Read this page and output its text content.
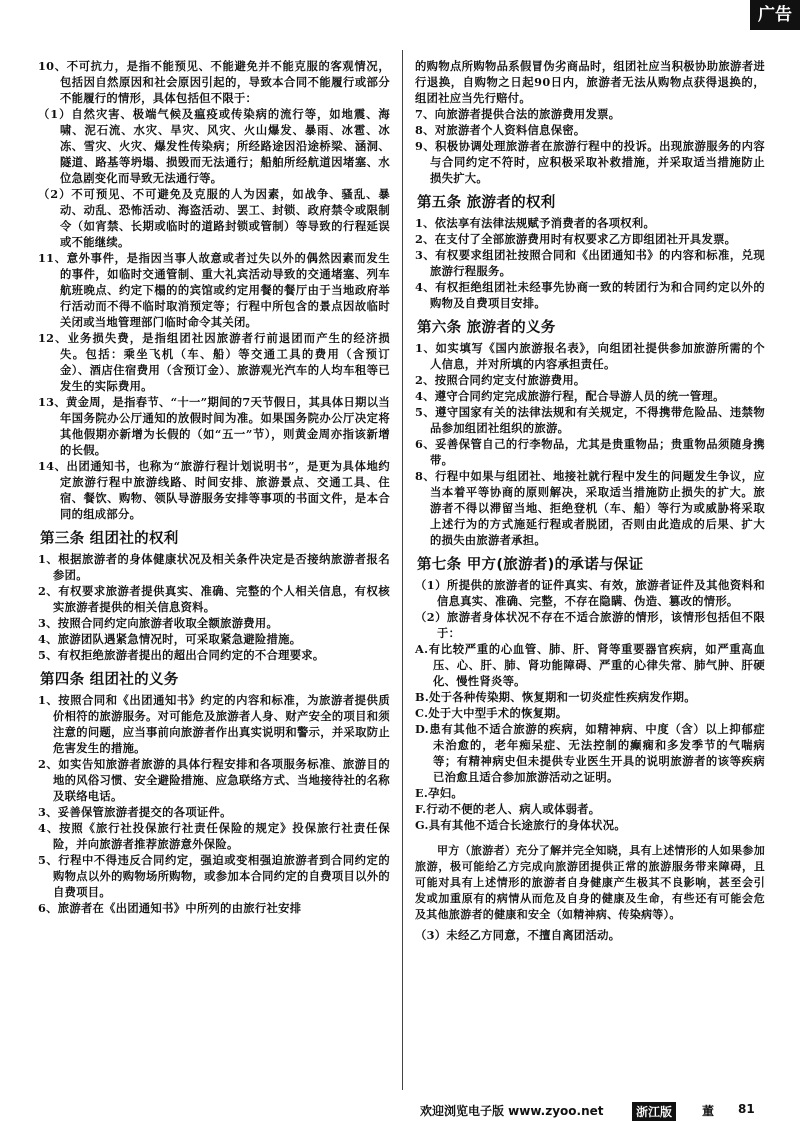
广告

10、不可抗力，是指不能预见、不能避免并不能克服的客观情况，包括因自然原因和社会原因引起的，导致本合同不能履行或部分不能履行的情形，具体包括但不限于：

（1）自然灾害、极端气候及瘟疫或传染病的流行等，如地震、海啸、泥石流、水灾、旱灾、风灾、火山爆发、暴雨、冰雹、冰冻、雪灾、火灾、爆发性传染病；所经路途因沿途桥梁、涵洞、隧道、路基等坍塌、损毁而无法通行；船舶所经航道因堵塞、水位急剧变化而导致无法通行等。

（2）不可预见、不可避免及克服的人为因素，如战争、骚乱、暴动、动乱、恐怖活动、海盗活动、罢工、封锁、政府禁令或限制令（如宵禁、长期或临时的道路封锁或管制）等导致的行程延误或不能继续。

11、意外事件，是指因当事人故意或者过失以外的偶然因素而发生的事件，如临时交通管制、重大礼宾活动导致的交通堵塞、列车航班晚点、约定下榻的的宾馆或约定用餐的餐厅由于当地政府举行活动而不得不临时取消预定等；行程中所包含的景点因故临时关闭或当地管理部门临时命令其关闭。

12、业务损失费，是指组团社因旅游者行前退团而产生的经济损失。包括：乘坐飞机（车、船）等交通工具的费用（含预订金）、酒店住宿费用（含预订金）、旅游观光汽车的人均车租等已发生的实际费用。

13、黄金周，是指春节、“十一”期间的7天节假日，其具体日期以当年国务院办公厅通知的放假时间为准。如果国务院办公厅决定将其他假期亦新增为长假的（如“五一”节），则黄金周亦指该新增的长假。

14、出团通知书，也称为“旅游行程计划说明书”，是更为具体地约定旅游行程中旅游线路、时间安排、旅游景点、交通工具、住宿、餐饮、购物、领队导游服务安排等事项的书面文件，是本合同的组成部分。

第三条 组团社的权利

1、根据旅游者的身体健康状况及相关条件决定是否接纳旅游者报名参团。

2、有权要求旅游者提供真实、准确、完整的个人相关信息，有权核实旅游者提供的相关信息资料。

3、按照合同约定向旅游者收取全额旅游费用。

4、旅游团队遇紧急情况时，可采取紧急避险措施。

5、有权拒绝旅游者提出的超出合同约定的不合理要求。

第四条 组团社的义务

1、按照合同和《出团通知书》约定的内容和标准，为旅游者提供质价相符的旅游服务。对可能危及旅游者人身、财产安全的项目和须注意的问题，应当事前向旅游者作出真实说明和警示，并采取防止危害发生的措施。

2、如实告知旅游者旅游的具体行程安排和各项服务标准、旅游目的地的风俗习惯、安全避险措施、应急联络方式、当地接待社的名称及联络电话。

3、妥善保管旅游者提交的各项证件。

4、按照《旅行社投保旅行社责任保险的规定》投保旅行社责任保险，并向旅游者推荐旅游意外保险。

5、行程中不得违反合同约定，强迫或变相强迫旅游者到合同约定的购物点以外的购物场所购物，或参加本合同约定的自费项目以外的自费项目。

6、旅游者在《出团通知书》中所列的由旅行社安排

的购物点所购物品系假冒伪劣商品时，组团社应当积极协助旅游者进行退换，自购物之日起90日内，旅游者无法从购物点获得退换的，组团社应当先行赔付。

7、向旅游者提供合法的旅游费用发票。

8、对旅游者个人资料信息保密。

9、积极协调处理旅游者在旅游行程中的投诉。出现旅游服务的内容与合同约定不符时，应积极采取补救措施，并采取适当措施防止损失扩大。

第五条 旅游者的权利

1、依法享有法律法规赋予消费者的各项权利。

2、在支付了全部旅游费用时有权要求乙方即组团社开具发票。

3、有权要求组团社按照合同和《出团通知书》的内容和标准，兑现旅游行程服务。

4、有权拒绝组团社未经事先协商一致的转团行为和合同约定以外的购物及自费项目安排。

第六条 旅游者的义务

1、如实填写《国内旅游报名表》，向组团社提供参加旅游所需的个人信息，并对所填的内容承担责任。

2、按照合同约定支付旅游费用。

4、遵守合同约定完成旅游行程，配合导游人员的统一管理。

5、遵守国家有关的法律法规和有关规定，不得携带危险品、违禁物品参加组团社组织的旅游。

6、妥善保管自己的行李物品，尤其是贵重物品；贵重物品须随身携带。

8、行程中如果与组团社、地接社就行程中发生的问题发生争议，应当本着平等协商的原则解决，采取适当措施防止损失的扩大。旅游者不得以滞留当地、拒绝登机（车、船）等行为或威胁将采取上述行为的方式施延行程或者脱团，否则由此造成的后果、扩大的损失由旅游者承担。

第七条 甲方(旅游者)的承诺与保证

（1）所提供的旅游者的证件真实、有效，旅游者证件及其他资料和信息真实、准确、完整，不存在隐瞒、伪造、篡改的情形。

（2）旅游者身体状况不存在不适合旅游的情形，该情形包括但不限于：

A.有比较严重的心血管、肺、肝、肾等重要器官疾病，如严重高血压、心、肝、肺、肾功能障碍、严重的心律失常、肺气肿、肝硬化、慢性肾炎等。

B.处于各种传染期、恢复期和一切炎症性疾病发作期。

C.处于大中型手术的恢复期。

D.患有其他不适合旅游的疾病，如精神病、中度（含）以上抑郁症未治愈的，老年痴呆症、无法控制的癫痫和多发季节的气喘病等；有精神病史但未提供专业医生开具的说明旅游者的该等疾病已治愈且适合参加旅游活动之证明。

E.孕妇。

F.行动不便的老人、病人或体弱者。

G.具有其他不适合长途旅行的身体状况。

甲方（旅游者）充分了解并完全知晓，具有上述情形的人如果参加旅游，极可能给乙方完成向旅游团提供正常的旅游服务带来障碍，且可能对具有上述情形的旅游者自身健康产生极其不良影响，甚至会引发或加重原有的病情从而危及自身的健康及生命，有些还有可能会危及其他旅游者的健康和安全（如精神病、传染病等）。

（3）未经乙方同意，不擅自离团活动。

欢迎浏览电子版 www.zyoo.net	浙江版	董 81
